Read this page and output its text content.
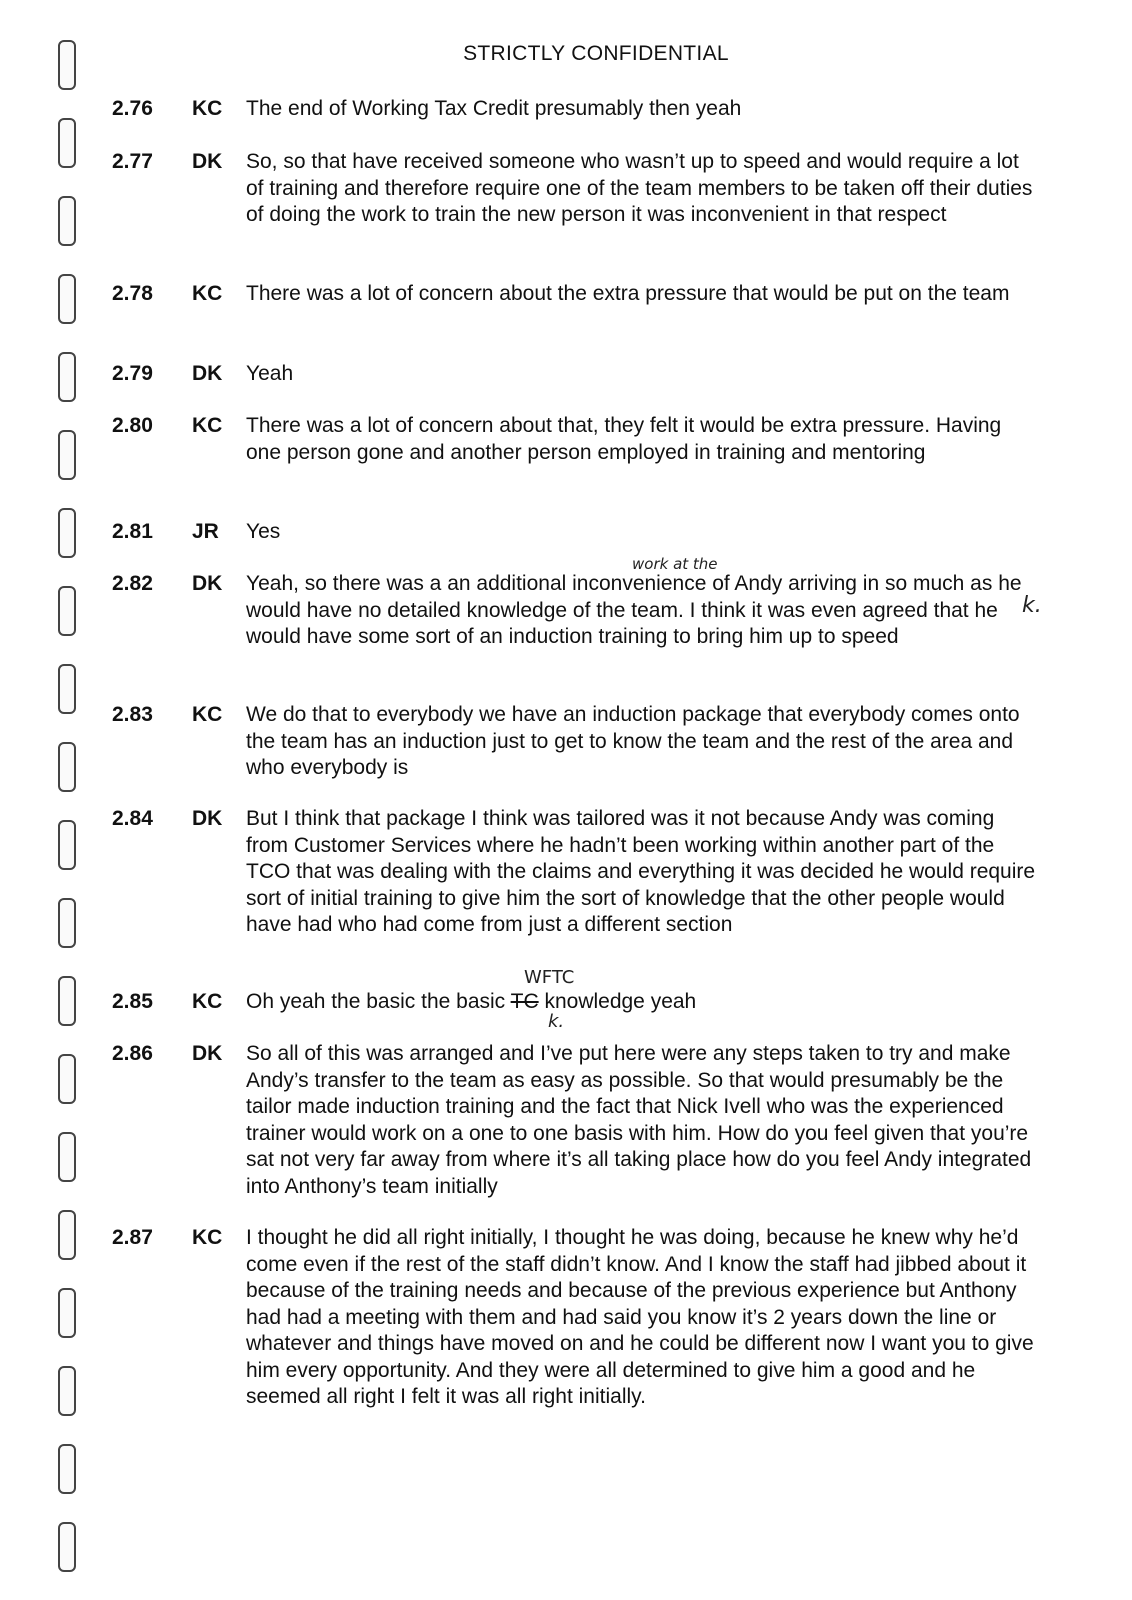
STRICTLY CONFIDENTIAL
2.76	KC	The end of Working Tax Credit presumably then yeah
2.77	DK	So, so that have received someone who wasn’t up to speed and would require a lot of training and therefore require one of the team members to be taken off their duties of doing the work to train the new person it was inconvenient in that respect
2.78	KC	There was a lot of concern about the extra pressure that would be put on the team
2.79	DK	Yeah
2.80	KC	There was a lot of concern about that, they felt it would be extra pressure. Having one person gone and another person employed in training and mentoring
2.81	JR	Yes
2.82	DK	Yeah, so there was a an additional inconvenience of Andy arriving in so much as he would have no detailed knowledge of the team. I think it was even agreed that he would have some sort of an induction training to bring him up to speed
work at the
k.
2.83	KC	We do that to everybody we have an induction package that everybody comes onto the team has an induction just to get to know the team and the rest of the area and who everybody is
2.84	DK	But I think that package I think was tailored was it not because Andy was coming from Customer Services where he hadn’t been working within another part of the TCO that was dealing with the claims and everything it was decided he would require sort of initial training to give him the sort of knowledge that the other people would have had who had come from just a different section
2.85	KC	Oh yeah the basic the basic TC knowledge yeah
WFTC
k.
2.86	DK	So all of this was arranged and I’ve put here were any steps taken to try and make Andy’s transfer to the team as easy as possible. So that would presumably be the tailor made induction training and the fact that Nick Ivell who was the experienced trainer would work on a one to one basis with him. How do you feel given that you’re sat not very far away from where it’s all taking place how do you feel Andy integrated into Anthony’s team initially
2.87	KC	I thought he did all right initially, I thought he was doing, because he knew why he’d come even if the rest of the staff didn’t know. And I know the staff had jibbed about it because of the training needs and because of the previous experience but Anthony had had a meeting with them and had said you know it’s 2 years down the line or whatever and things have moved on and he could be different now I want you to give him every opportunity. And they were all determined to give him a good and he seemed all right I felt it was all right initially.
